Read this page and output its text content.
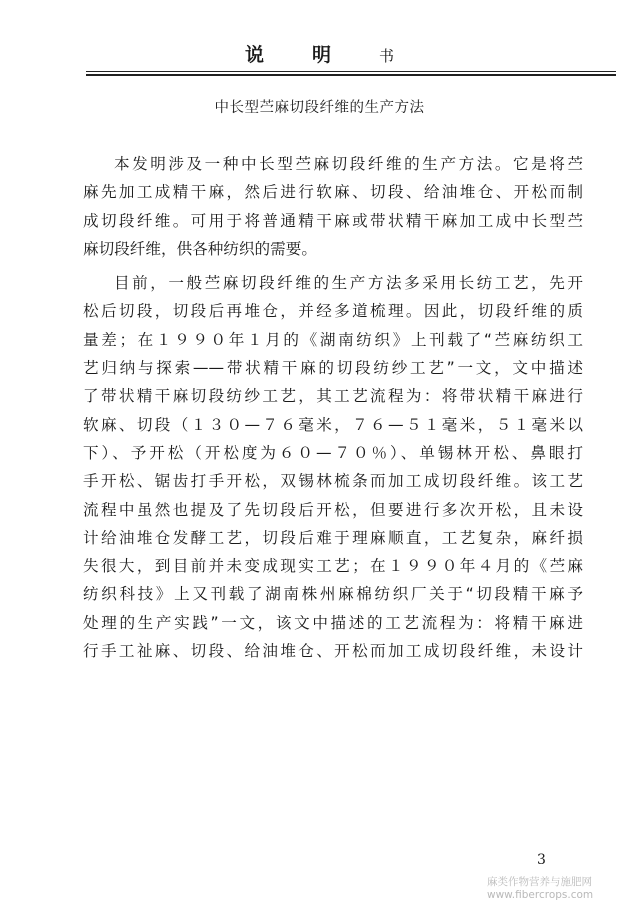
说明书
中长型苎麻切段纤维的生产方法
本发明涉及一种中长型苎麻切段纤维的生产方法。它是将苎
麻先加工成精干麻，然后进行软麻、切段、给油堆仓、开松而制
成切段纤维。可用于将普通精干麻或带状精干麻加工成中长型苎
麻切段纤维，供各种纺织的需要。
目前，一般苎麻切段纤维的生产方法多采用长纺工艺，先开
松后切段，切段后再堆仓，并经多道梳理。因此，切段纤维的质
量差；在１９９０年１月的《湖南纺织》上刊载了“苎麻纺织工
艺归纳与探索——带状精干麻的切段纺纱工艺”一文，文中描述
了带状精干麻切段纺纱工艺，其工艺流程为：将带状精干麻进行
软麻、切段（１３０—７６毫米，７６—５１毫米，５１毫米以
下）、予开松（开松度为６０—７０％）、单锡林开松、鼻眼打
手开松、锯齿打手开松，双锡林梳条而加工成切段纤维。该工艺
流程中虽然也提及了先切段后开松，但要进行多次开松，且未设
计给油堆仓发酵工艺，切段后难于理麻顺直，工艺复杂，麻纤损
失很大，到目前并未变成现实工艺；在１９９０年４月的《苎麻
纺织科技》上又刊载了湖南株州麻棉纺织厂关于“切段精干麻予
处理的生产实践”一文，该文中描述的工艺流程为：将精干麻进
行手工祉麻、切段、给油堆仓、开松而加工成切段纤维，未设计
3
麻类作物营养与施肥网
www.fibercrops.com
